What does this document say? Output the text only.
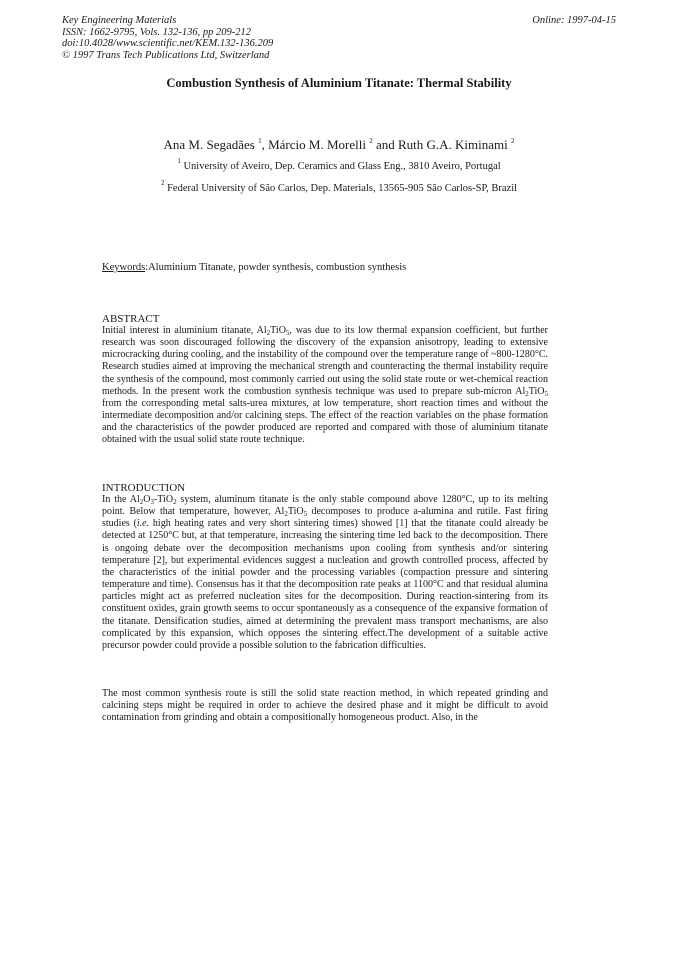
Key Engineering Materials
ISSN: 1662-9795, Vols. 132-136, pp 209-212
doi:10.4028/www.scientific.net/KEM.132-136.209
© 1997 Trans Tech Publications Ltd, Switzerland
Online: 1997-04-15
Combustion Synthesis of Aluminium Titanate: Thermal Stability
Ana M. Segadães $^1$, Márcio M. Morelli $^2$ and Ruth G.A. Kiminami $^2$
$^1$ University of Aveiro, Dep. Ceramics and Glass Eng., 3810 Aveiro, Portugal
$^2$ Federal University of São Carlos, Dep. Materials, 13565-905 São Carlos-SP, Brazil
Keywords:Aluminium Titanate, powder synthesis, combustion synthesis
ABSTRACT

Initial interest in aluminium titanate, $Al_2TiO_5$, was due to its low thermal expansion coefficient, but further research was soon discouraged following the discovery of the expansion anisotropy, leading to extensive microcracking during cooling, and the instability of the compound over the temperature range of ~800-1280°C. Research studies aimed at improving the mechanical strength and counteracting the thermal instability require the synthesis of the compound, most commonly carried out using the solid state route or wet-chemical reaction methods. In the present work the combustion synthesis technique was used to prepare sub-micron $Al_2TiO_5$ from the corresponding metal salts-urea mixtures, at low temperature, short reaction times and without the intermediate decomposition and/or calcining steps. The effect of the reaction variables on the phase formation and the characteristics of the powder produced are reported and compared with those of aluminium titanate obtained with the usual solid state route technique.

INTRODUCTION

In the $Al_2O_3-TiO_2$ system, aluminum titanate is the only stable compound above 1280°C, up to its melting point. Below that temperature, however, $Al_2TiO_5$ decomposes to produce a-alumina and rutile. Fast firing studies (i.e. high heating rates and very short sintering times) showed [1] that the titanate could already be detected at 1250°C but, at that temperature, increasing the sintering time led back to the decomposition. There is ongoing debate over the decomposition mechanisms upon cooling from synthesis and/or sintering temperature [2], but experimental evidences suggest a nucleation and growth controlled process, affected by the characteristics of the initial powder and the processing variables (compaction pressure and sintering temperature and time). Consensus has it that the decomposition rate peaks at 1100°C and that residual alumina particles might act as preferred nucleation sites for the decomposition. During reaction-sintering from its constituent oxides, grain growth seems to occur spontaneously as a consequence of the expansive formation of the titanate. Densification studies, aimed at determining the prevalent mass transport mechanisms, are also complicated by this expansion, which opposes the sintering effect.The development of a suitable active precursor powder could provide a possible solution to the fabrication difficulties.

The most common synthesis route is still the solid state reaction method, in which repeated grinding and calcining steps might be required in order to achieve the desired phase and it might be difficult to avoid contamination from grinding and obtain a compositionally homogeneous product. Also, in the
